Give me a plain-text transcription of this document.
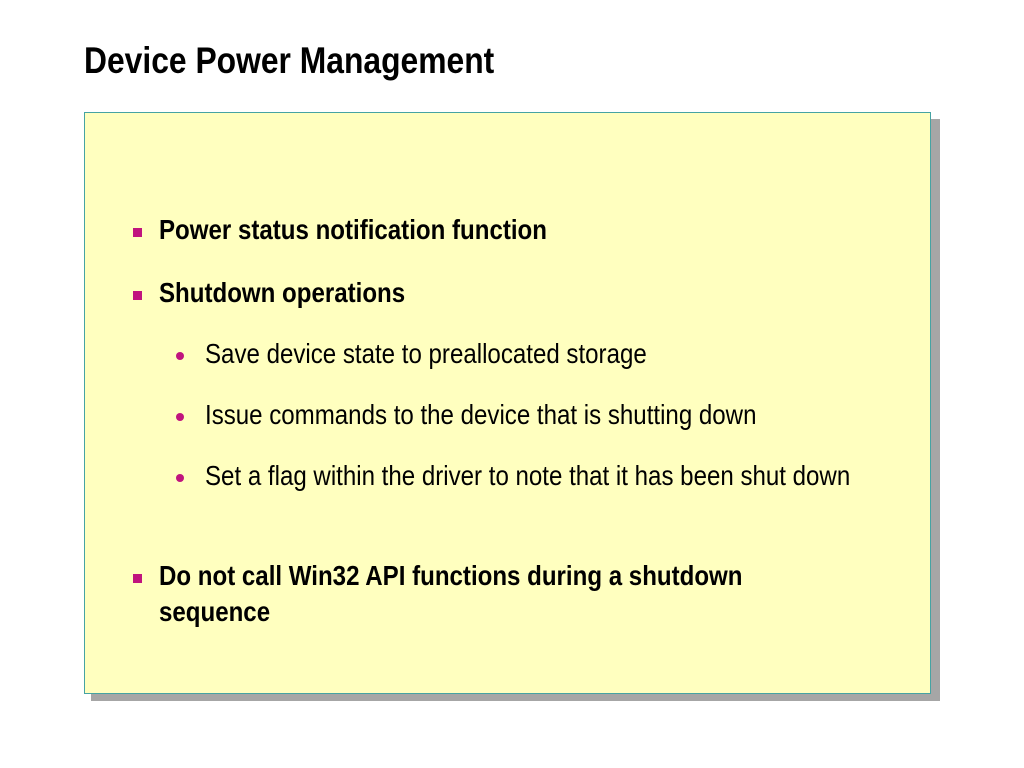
Device Power Management
Power status notification function
Shutdown operations
Save device state to preallocated storage
Issue commands to the device that is shutting down
Set a flag within the driver to note that it has been shut down
Do not call Win32 API functions during a shutdown sequence
